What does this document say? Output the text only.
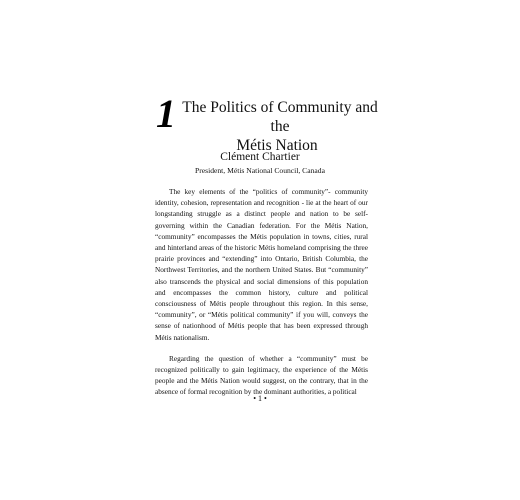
1 The Politics of Community and the
Métis Nation
Clément Chartier
President, Métis National Council, Canada

The key elements of the “politics of community”- community identity, cohesion, representation and recognition - lie at the heart of our longstanding struggle as a distinct people and nation to be self-governing within the Canadian federation. For the Métis Nation, “community” encompasses the Métis population in towns, cities, rural and hinterland areas of the historic Métis homeland comprising the three prairie provinces and “extending” into Ontario, British Columbia, the Northwest Territories, and the northern United States. But “community” also transcends the physical and social dimensions of this population and encompasses the common history, culture and political consciousness of Métis people throughout this region. In this sense, “community”, or “Métis political community” if you will, conveys the sense of nationhood of Métis people that has been expressed through Métis nationalism.

Regarding the question of whether a “community” must be recognized politically to gain legitimacy, the experience of the Métis people and the Métis Nation would suggest, on the contrary, that in the absence of formal recognition by the dominant authorities, a political

• 1 •
